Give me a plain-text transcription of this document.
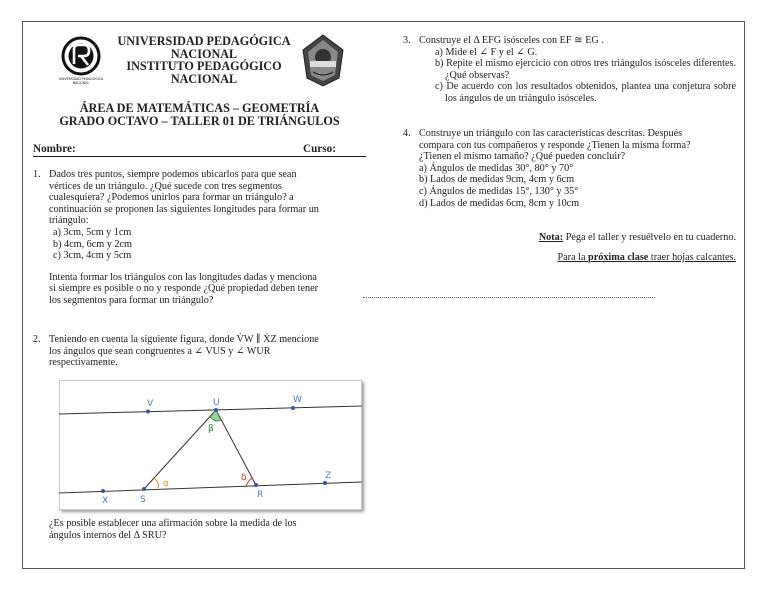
UNIVERSIDAD PEDAGÓGICA NACIONAL
UNIVERSIDAD PEDAGÓGICA
NACIONAL
INSTITUTO PEDAGÓGICO
NACIONAL
ÁREA DE MATEMÁTICAS – GEOMETRÍA
GRADO OCTAVO – TALLER 01 DE TRIÁNGULOS
Nombre:	Curso:
1. Dados tres puntos, siempre podemos ubicarlos para que sean
vértices de un triángulo. ¿Qué sucede con tres segmentos
cualesquiera? ¿Podemos unirlos para formar un triángulo? a
continuación se proponen las siguientes longitudes para formar un
triángulo:
a) 3cm, 5cm y 1cm
b) 4cm, 6cm y 2cm
c) 3cm, 4cm y 5cm
Intenta formar los triángulos con las longitudes dadas y menciona
si siempre es posible o no y responde ¿Qué propiedad deben tener
los segmentos para formar un triángulo?
2. Teniendo en cuenta la siguiente figura, donde V̇W ∥ ẊZ mencione
los ángulos que sean congruentes a ∠ VUS y ∠ WUR
respectivamente.
V	U	W
X	S	R
Z
β
α
δ
¿Es posible establecer una afirmación sobre la medida de los
ángulos internos del Δ SRU?
3. Construye el Δ EFG isósceles con EF ≅ EG .
a) Mide el ∠ F y el ∠ G.
b) Repite el mismo ejercicio con otros tres triángulos isósceles diferentes. ¿Qué observas?
c) De acuerdo con los resultados obtenidos, plantea una conjetura sobre los ángulos de un triángulo isósceles.
4. Construye un triángulo con las características descritas. Después
compara con tus compañeros y responde ¿Tienen la misma forma?
¿Tienen el mismo tamaño? ¿Qué pueden concluir?
a) Ángulos de medidas 30°, 80° y 70°
b) Lados de medidas 9cm, 4cm y 6cm
c) Ángulos de medidas 15°, 130° y 35°
d) Lados de medidas 6cm, 8cm y 10cm
Nota: Pega el taller y resuélvelo en tu cuaderno.
Para la próxima clase traer hojas calcantes.
